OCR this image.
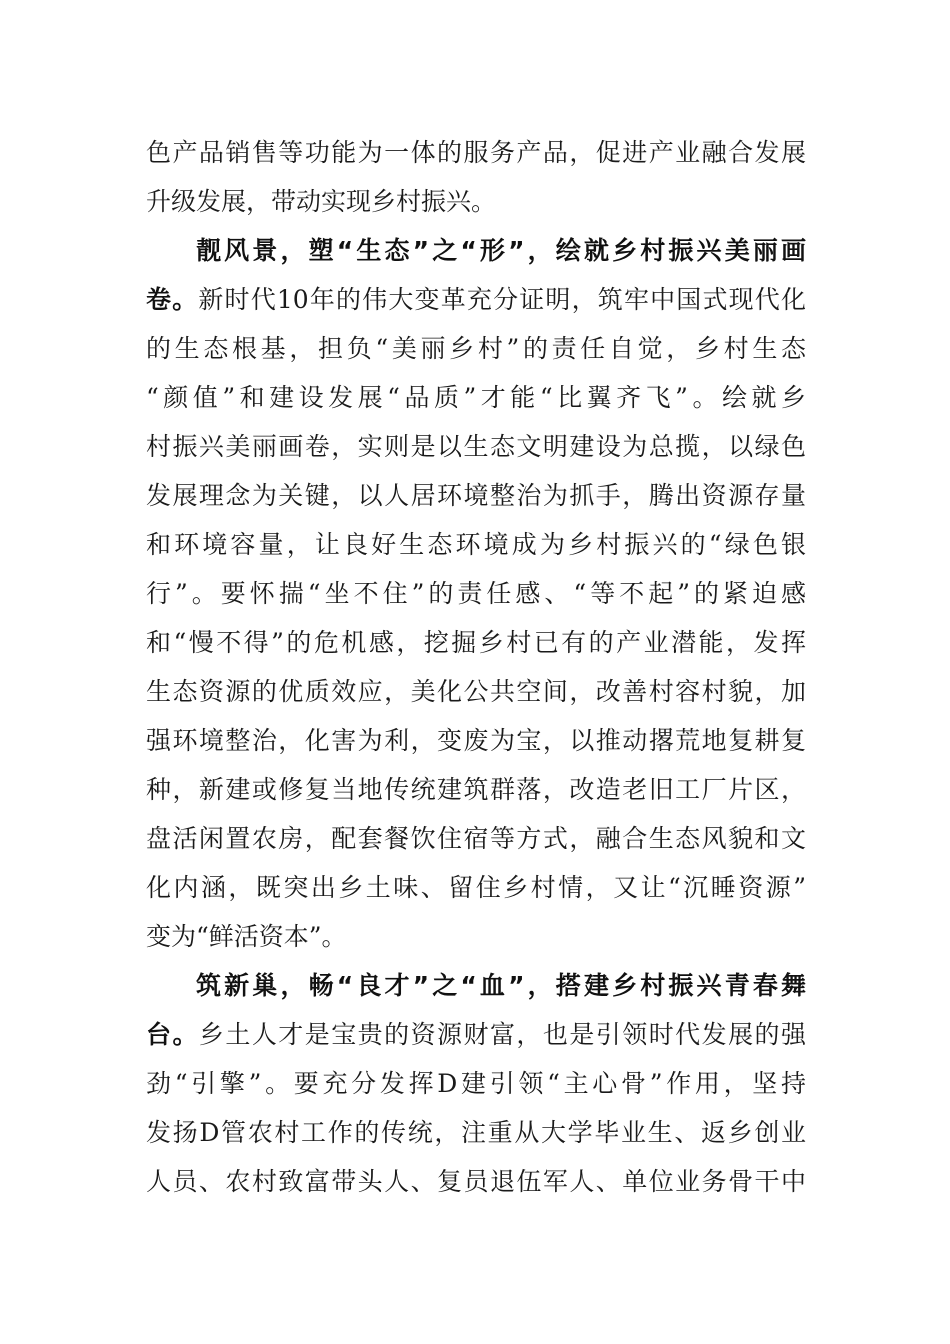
色产品销售等功能为一体的服务产品，促进产业融合发展
升级发展，带动实现乡村振兴。
靓风景，塑“生态”之“形”，绘就乡村振兴美丽画
卷。新时代10年的伟大变革充分证明，筑牢中国式现代化
的生态根基，担负“美丽乡村”的责任自觉，乡村生态
“颜值”和建设发展“品质”才能“比翼齐飞”。绘就乡
村振兴美丽画卷，实则是以生态文明建设为总揽，以绿色
发展理念为关键，以人居环境整治为抓手，腾出资源存量
和环境容量，让良好生态环境成为乡村振兴的“绿色银
行”。要怀揣“坐不住”的责任感、“等不起”的紧迫感
和“慢不得”的危机感，挖掘乡村已有的产业潜能，发挥
生态资源的优质效应，美化公共空间，改善村容村貌，加
强环境整治，化害为利，变废为宝，以推动撂荒地复耕复
种，新建或修复当地传统建筑群落，改造老旧工厂片区，
盘活闲置农房，配套餐饮住宿等方式，融合生态风貌和文
化内涵，既突出乡土味、留住乡村情，又让“沉睡资源”
变为“鲜活资本”。
筑新巢，畅“良才”之“血”，搭建乡村振兴青春舞
台。乡土人才是宝贵的资源财富，也是引领时代发展的强
劲“引擎”。要充分发挥D建引领“主心骨”作用，坚持
发扬D管农村工作的传统，注重从大学毕业生、返乡创业
人员、农村致富带头人、复员退伍军人、单位业务骨干中
